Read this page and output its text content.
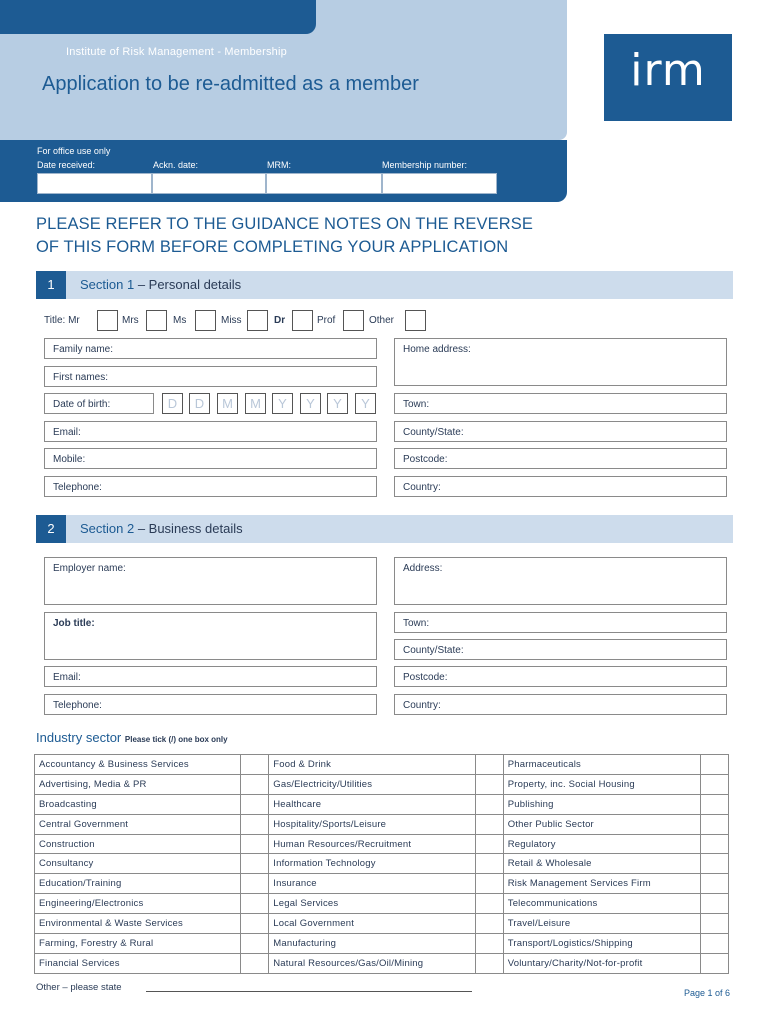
Institute of Risk Management - Membership
Application to be re-admitted as a member	irm
For office use only
Date received:	Ackn. date:	MRM:	Membership number:
PLEASE REFER TO THE GUIDANCE NOTES ON THE REVERSE
OF THIS FORM BEFORE COMPLETING YOUR APPLICATION
1	Section 1 – Personal details
Title: Mr	Mrs	Ms	Miss	Dr	Prof	Other
Family name:	Home address:
First names:
Date of birth:	D	D	M	M	Y	Y	Y	Y	Town:
Email:	County/State:
Mobile:	Postcode:
Telephone:	Country:
2	Section 2 – Business details
Employer name:	Address:
Job title:	Town:
County/State:
Email:	Postcode:
Telephone:	Country:
Industry sector Please tick (/) one box only
Accountancy & Business Services		Food & Drink		Pharmaceuticals	
Advertising, Media & PR		Gas/Electricity/Utilities		Property, inc. Social Housing	
Broadcasting		Healthcare		Publishing	
Central Government		Hospitality/Sports/Leisure		Other Public Sector	
Construction		Human Resources/Recruitment		Regulatory	
Consultancy		Information Technology		Retail & Wholesale	
Education/Training		Insurance		Risk Management Services Firm	
Engineering/Electronics		Legal Services		Telecommunications	
Environmental & Waste Services		Local Government		Travel/Leisure	
Farming, Forestry & Rural		Manufacturing		Transport/Logistics/Shipping	
Financial Services		Natural Resources/Gas/Oil/Mining		Voluntary/Charity/Not-for-profit	
Other – please state	Page 1 of 6
